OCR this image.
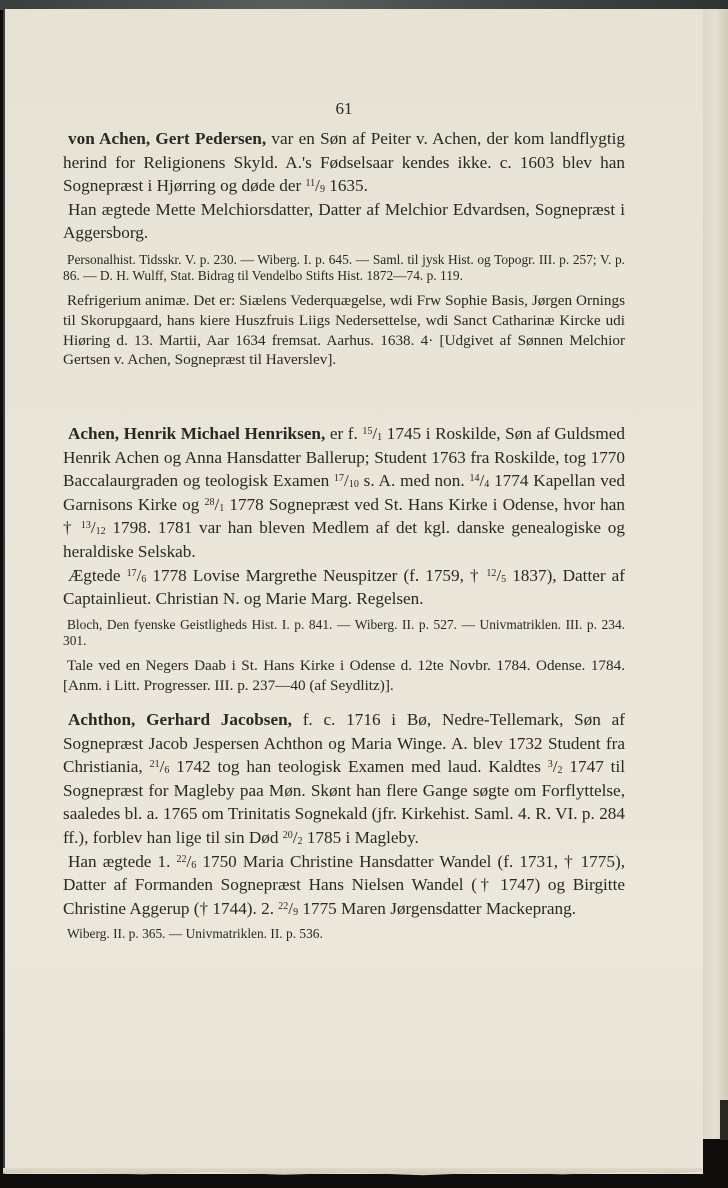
61

von Achen, Gert Pedersen, var en Søn af Peiter v. Achen, der kom landflygtig herind for Religionens Skyld. A.'s Fødselsaar kendes ikke. c. 1603 blev han Sognepræst i Hjørring og døde der $^{11}/_9$ 1635.

Han ægtede Mette Melchiorsdatter, Datter af Melchior Edvardsen, Sognepræst i Aggersborg.

Personalhist. Tidsskr. V. p. 230. — Wiberg. I. p. 645. — Saml. til jysk Hist. og Topogr. III. p. 257; V. p. 86. — D. H. Wulff, Stat. Bidrag til Vendelbo Stifts Hist. 1872—74. p. 119.

Refrigerium animæ. Det er: Siælens Vederquægelse, wdi Frw Sophie Basis, Jørgen Ornings til Skorupgaard, hans kiere Huszfruis Liigs Nedersettelse, wdi Sanct Catharinæ Kircke udi Hiøring d. 13. Martii, Aar 1634 fremsat. Aarhus. 1638. 4· [Udgivet af Sønnen Melchior Gertsen v. Achen, Sognepræst til Haverslev].

Achen, Henrik Michael Henriksen, er f. $^{15}/_1$ 1745 i Roskilde, Søn af Guldsmed Henrik Achen og Anna Hansdatter Ballerup; Student 1763 fra Roskilde, tog 1770 Baccalaurgraden og teologisk Examen $^{17}/_{10}$ s. A. med non. $^{14}/_4$ 1774 Kapellan ved Garnisons Kirke og $^{28}/_1$ 1778 Sognepræst ved St. Hans Kirke i Odense, hvor han † $^{13}/_{12}$ 1798. 1781 var han bleven Medlem af det kgl. danske genealogiske og heraldiske Selskab.

Ægtede $^{17}/_6$ 1778 Lovise Margrethe Neuspitzer (f. 1759, † $^{12}/_5$ 1837), Datter af Captainlieut. Christian N. og Marie Marg. Regelsen.

Bloch, Den fyenske Geistligheds Hist. I. p. 841. — Wiberg. II. p. 527. — Univmatriklen. III. p. 234. 301.

Tale ved en Negers Daab i St. Hans Kirke i Odense d. 12te Novbr. 1784. Odense. 1784. [Anm. i Litt. Progresser. III. p. 237—40 (af Seydlitz)].

Achthon, Gerhard Jacobsen, f. c. 1716 i Bø, Nedre-Tellemark, Søn af Sognepræst Jacob Jespersen Achthon og Maria Winge. A. blev 1732 Student fra Christiania, $^{21}/_6$ 1742 tog han teologisk Examen med laud. Kaldtes $^3/_2$ 1747 til Sognepræst for Magleby paa Møn. Skønt han flere Gange søgte om Forflyttelse, saaledes bl. a. 1765 om Trinitatis Sognekald (jfr. Kirkehist. Saml. 4. R. VI. p. 284 ff.), forblev han lige til sin Død $^{20}/_2$ 1785 i Magleby.

Han ægtede 1. $^{22}/_6$ 1750 Maria Christine Hansdatter Wandel (f. 1731, † 1775), Datter af Formanden Sognepræst Hans Nielsen Wandel († 1747) og Birgitte Christine Aggerup († 1744). 2. $^{22}/_9$ 1775 Maren Jørgensdatter Mackeprang.

Wiberg. II. p. 365. — Univmatriklen. II. p. 536.
